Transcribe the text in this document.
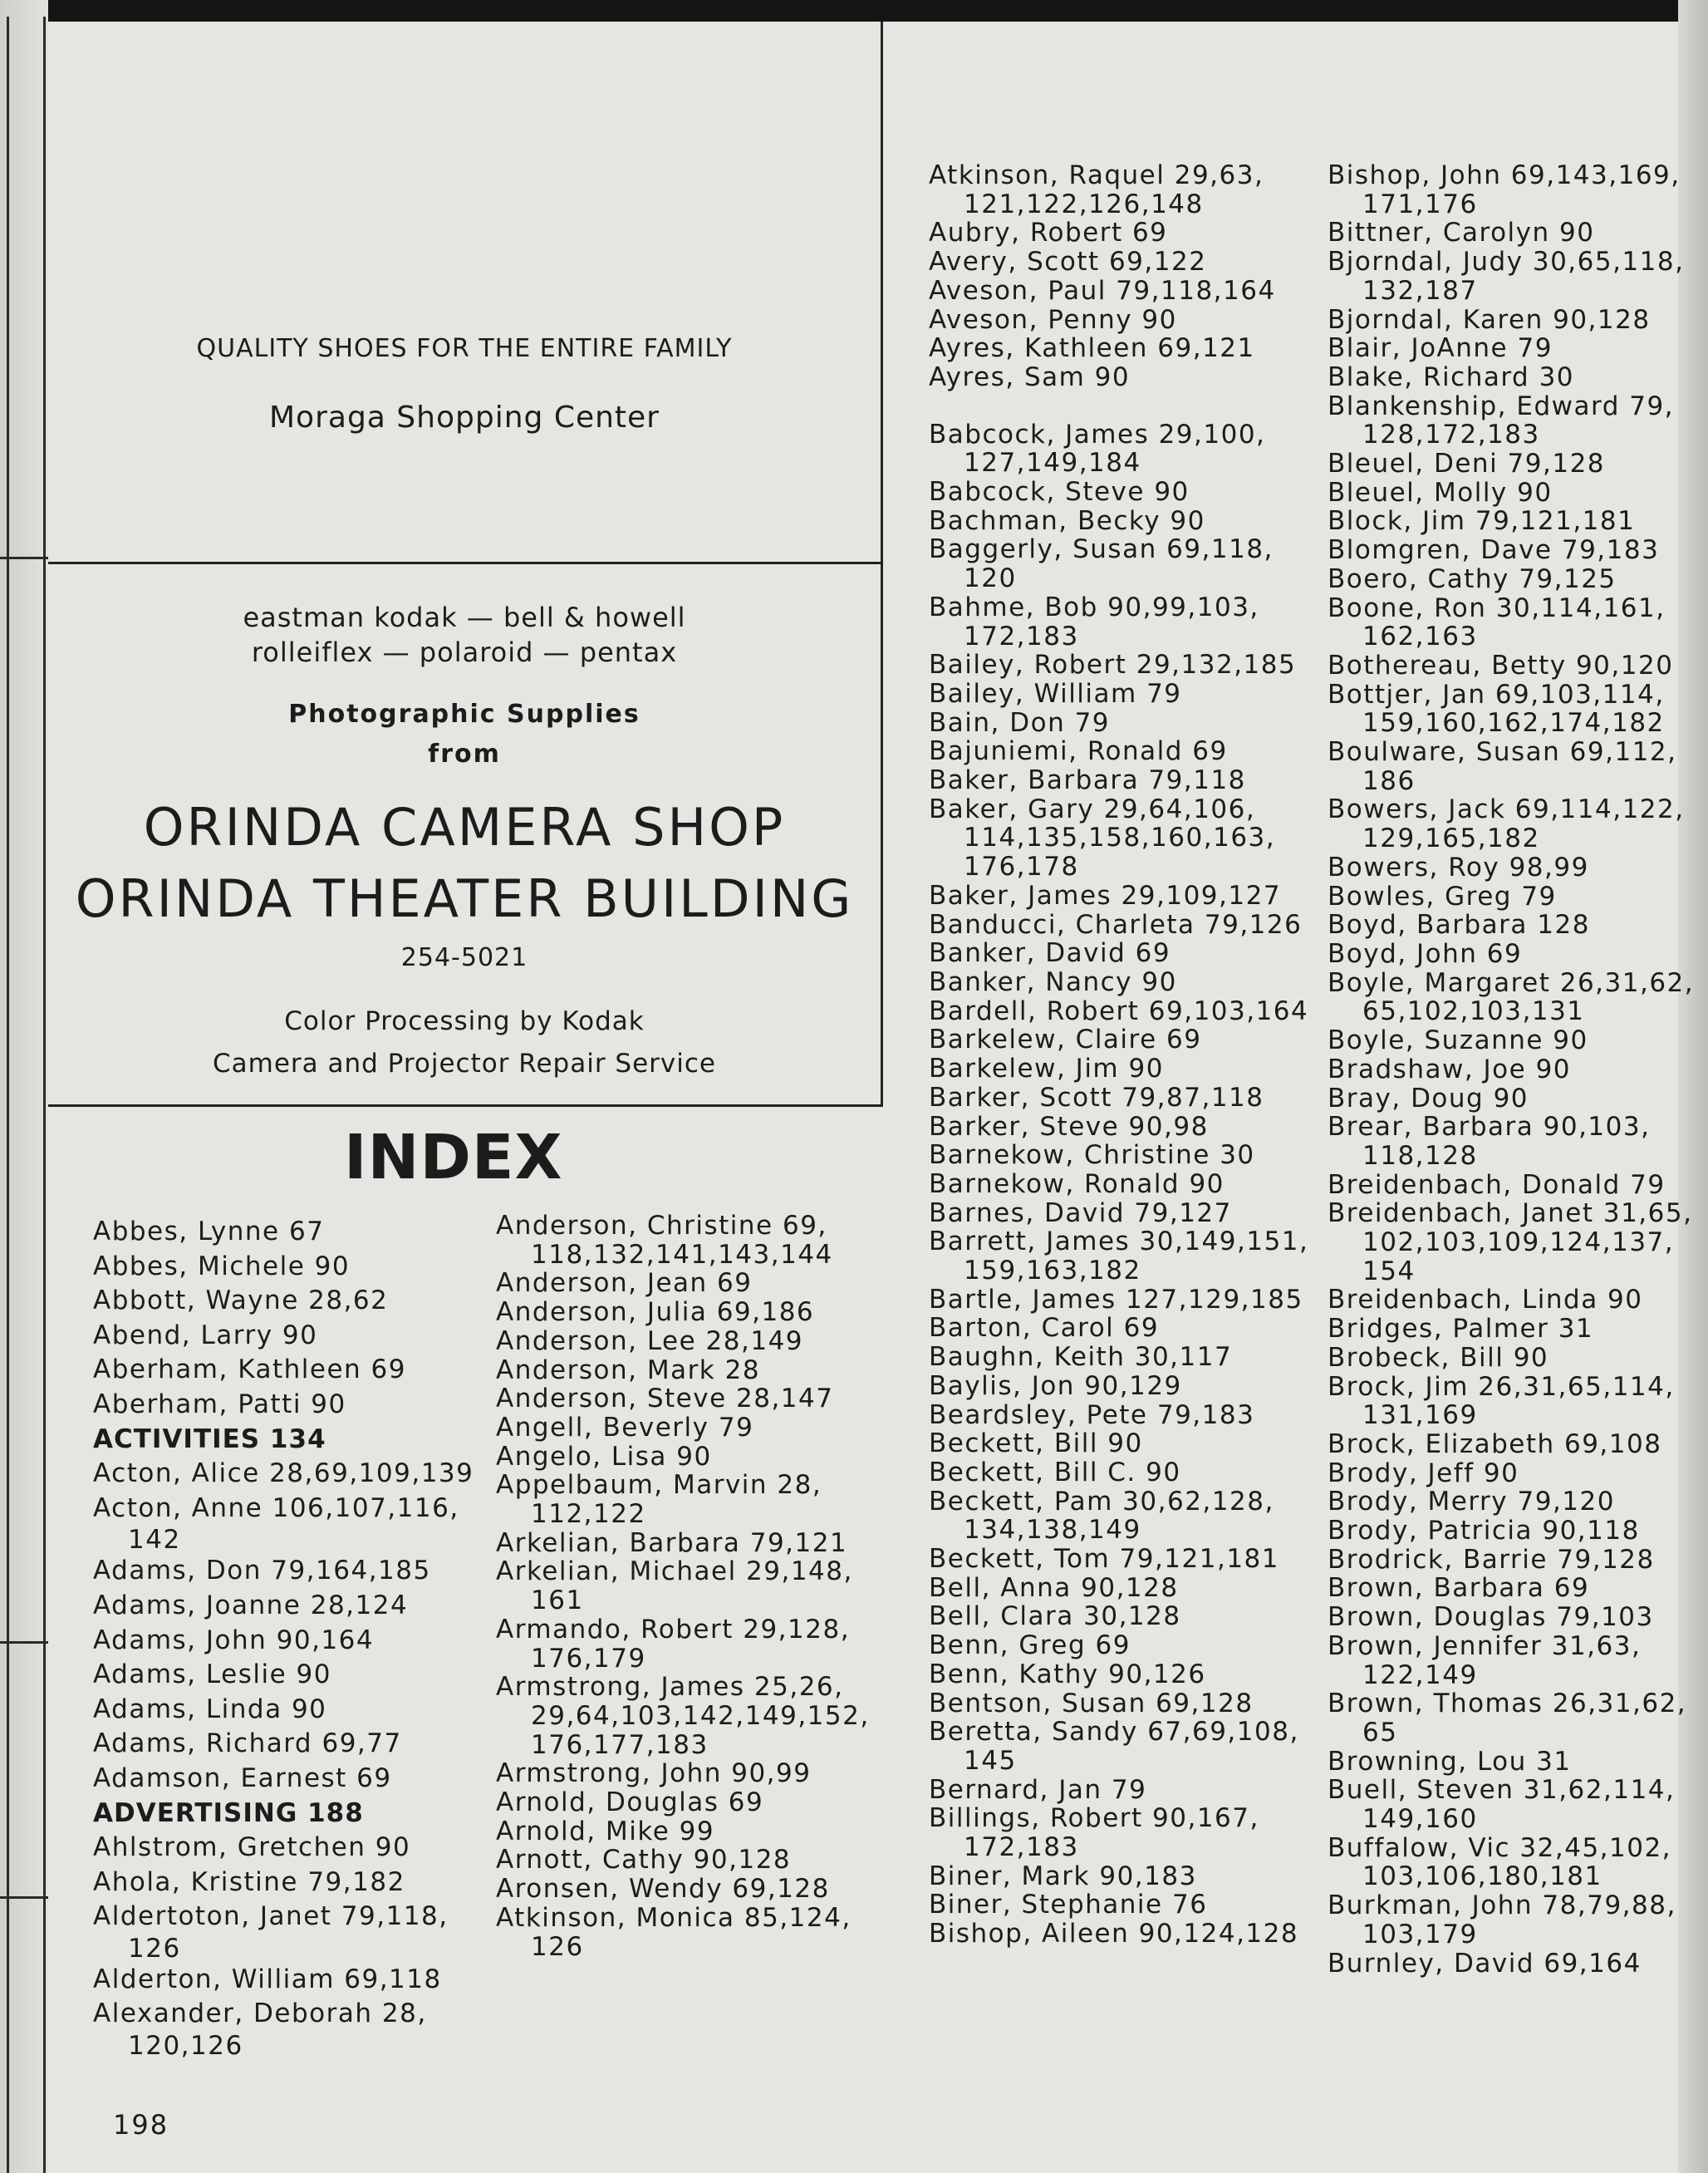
QUALITY SHOES FOR THE ENTIRE FAMILY
Moraga Shopping Center
eastman kodak — bell & howell
rolleiflex — polaroid — pentax
Photographic Supplies
from
ORINDA CAMERA SHOP
ORINDA THEATER BUILDING
254-5021
Color Processing by Kodak
Camera and Projector Repair Service
INDEX
Abbes, Lynne 67
Abbes, Michele 90
Abbott, Wayne 28,62
Abend, Larry 90
Aberham, Kathleen 69
Aberham, Patti 90
ACTIVITIES 134
Acton, Alice 28,69,109,139
Acton, Anne 106,107,116,
142
Adams, Don 79,164,185
Adams, Joanne 28,124
Adams, John 90,164
Adams, Leslie 90
Adams, Linda 90
Adams, Richard 69,77
Adamson, Earnest 69
ADVERTISING 188
Ahlstrom, Gretchen 90
Ahola, Kristine 79,182
Aldertoton, Janet 79,118,
126
Alderton, William 69,118
Alexander, Deborah 28,
120,126
Anderson, Christine 69,
118,132,141,143,144
Anderson, Jean 69
Anderson, Julia 69,186
Anderson, Lee 28,149
Anderson, Mark 28
Anderson, Steve 28,147
Angell, Beverly 79
Angelo, Lisa 90
Appelbaum, Marvin 28,
112,122
Arkelian, Barbara 79,121
Arkelian, Michael 29,148,
161
Armando, Robert 29,128,
176,179
Armstrong, James 25,26,
29,64,103,142,149,152,
176,177,183
Armstrong, John 90,99
Arnold, Douglas 69
Arnold, Mike 99
Arnott, Cathy 90,128
Aronsen, Wendy 69,128
Atkinson, Monica 85,124,
126
Atkinson, Raquel 29,63,
121,122,126,148
Aubry, Robert 69
Avery, Scott 69,122
Aveson, Paul 79,118,164
Aveson, Penny 90
Ayres, Kathleen 69,121
Ayres, Sam 90
Babcock, James 29,100,
127,149,184
Babcock, Steve 90
Bachman, Becky 90
Baggerly, Susan 69,118,
120
Bahme, Bob 90,99,103,
172,183
Bailey, Robert 29,132,185
Bailey, William 79
Bain, Don 79
Bajuniemi, Ronald 69
Baker, Barbara 79,118
Baker, Gary 29,64,106,
114,135,158,160,163,
176,178
Baker, James 29,109,127
Banducci, Charleta 79,126
Banker, David 69
Banker, Nancy 90
Bardell, Robert 69,103,164
Barkelew, Claire 69
Barkelew, Jim 90
Barker, Scott 79,87,118
Barker, Steve 90,98
Barnekow, Christine 30
Barnekow, Ronald 90
Barnes, David 79,127
Barrett, James 30,149,151,
159,163,182
Bartle, James 127,129,185
Barton, Carol 69
Baughn, Keith 30,117
Baylis, Jon 90,129
Beardsley, Pete 79,183
Beckett, Bill 90
Beckett, Bill C. 90
Beckett, Pam 30,62,128,
134,138,149
Beckett, Tom 79,121,181
Bell, Anna 90,128
Bell, Clara 30,128
Benn, Greg 69
Benn, Kathy 90,126
Bentson, Susan 69,128
Beretta, Sandy 67,69,108,
145
Bernard, Jan 79
Billings, Robert 90,167,
172,183
Biner, Mark 90,183
Biner, Stephanie 76
Bishop, Aileen 90,124,128
Bishop, John 69,143,169,
171,176
Bittner, Carolyn 90
Bjorndal, Judy 30,65,118,
132,187
Bjorndal, Karen 90,128
Blair, JoAnne 79
Blake, Richard 30
Blankenship, Edward 79,
128,172,183
Bleuel, Deni 79,128
Bleuel, Molly 90
Block, Jim 79,121,181
Blomgren, Dave 79,183
Boero, Cathy 79,125
Boone, Ron 30,114,161,
162,163
Bothereau, Betty 90,120
Bottjer, Jan 69,103,114,
159,160,162,174,182
Boulware, Susan 69,112,
186
Bowers, Jack 69,114,122,
129,165,182
Bowers, Roy 98,99
Bowles, Greg 79
Boyd, Barbara 128
Boyd, John 69
Boyle, Margaret 26,31,62,
65,102,103,131
Boyle, Suzanne 90
Bradshaw, Joe 90
Bray, Doug 90
Brear, Barbara 90,103,
118,128
Breidenbach, Donald 79
Breidenbach, Janet 31,65,
102,103,109,124,137,
154
Breidenbach, Linda 90
Bridges, Palmer 31
Brobeck, Bill 90
Brock, Jim 26,31,65,114,
131,169
Brock, Elizabeth 69,108
Brody, Jeff 90
Brody, Merry 79,120
Brody, Patricia 90,118
Brodrick, Barrie 79,128
Brown, Barbara 69
Brown, Douglas 79,103
Brown, Jennifer 31,63,
122,149
Brown, Thomas 26,31,62,
65
Browning, Lou 31
Buell, Steven 31,62,114,
149,160
Buffalow, Vic 32,45,102,
103,106,180,181
Burkman, John 78,79,88,
103,179
Burnley, David 69,164
198
